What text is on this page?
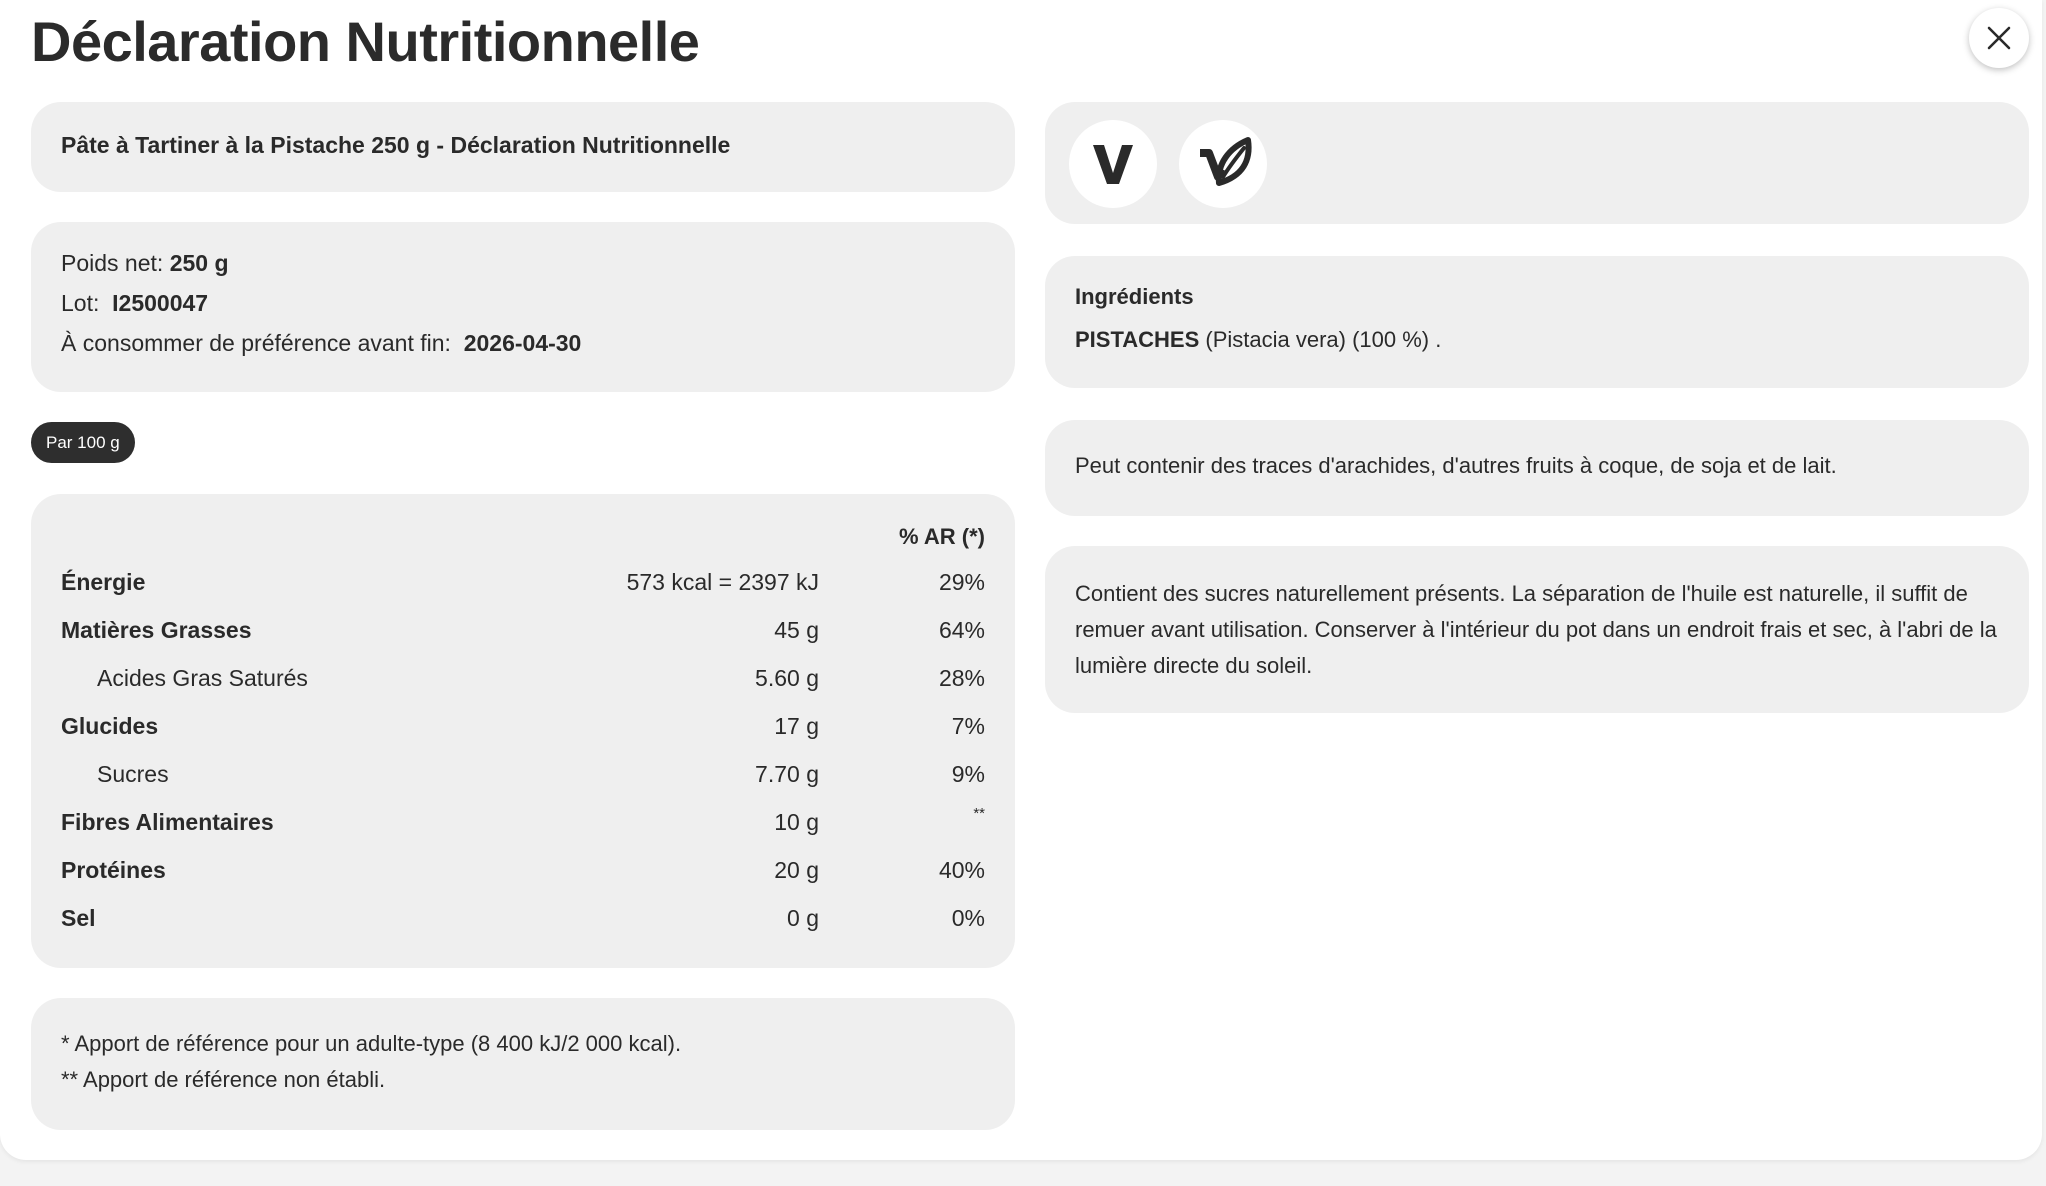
Déclaration Nutritionnelle
Pâte à Tartiner à la Pistache 250 g - Déclaration Nutritionnelle
Poids net: 250 g
Lot: I2500047
À consommer de préférence avant fin: 2026-04-30
Par 100 g
% AR (*)
Énergie	573 kcal = 2397 kJ	29%
Matières Grasses	45 g	64%
Acides Gras Saturés	5.60 g	28%
Glucides	17 g	7%
Sucres	7.70 g	9%
Fibres Alimentaires	10 g	**
Protéines	20 g	40%
Sel	0 g	0%
* Apport de référence pour un adulte-type (8 400 kJ/2 000 kcal).
** Apport de référence non établi.
Ingrédients
PISTACHES (Pistacia vera) (100 %) .
Peut contenir des traces d'arachides, d'autres fruits à coque, de soja et de lait.
Contient des sucres naturellement présents. La séparation de l'huile est naturelle, il suffit de remuer avant utilisation. Conserver à l'intérieur du pot dans un endroit frais et sec, à l'abri de la lumière directe du soleil.
